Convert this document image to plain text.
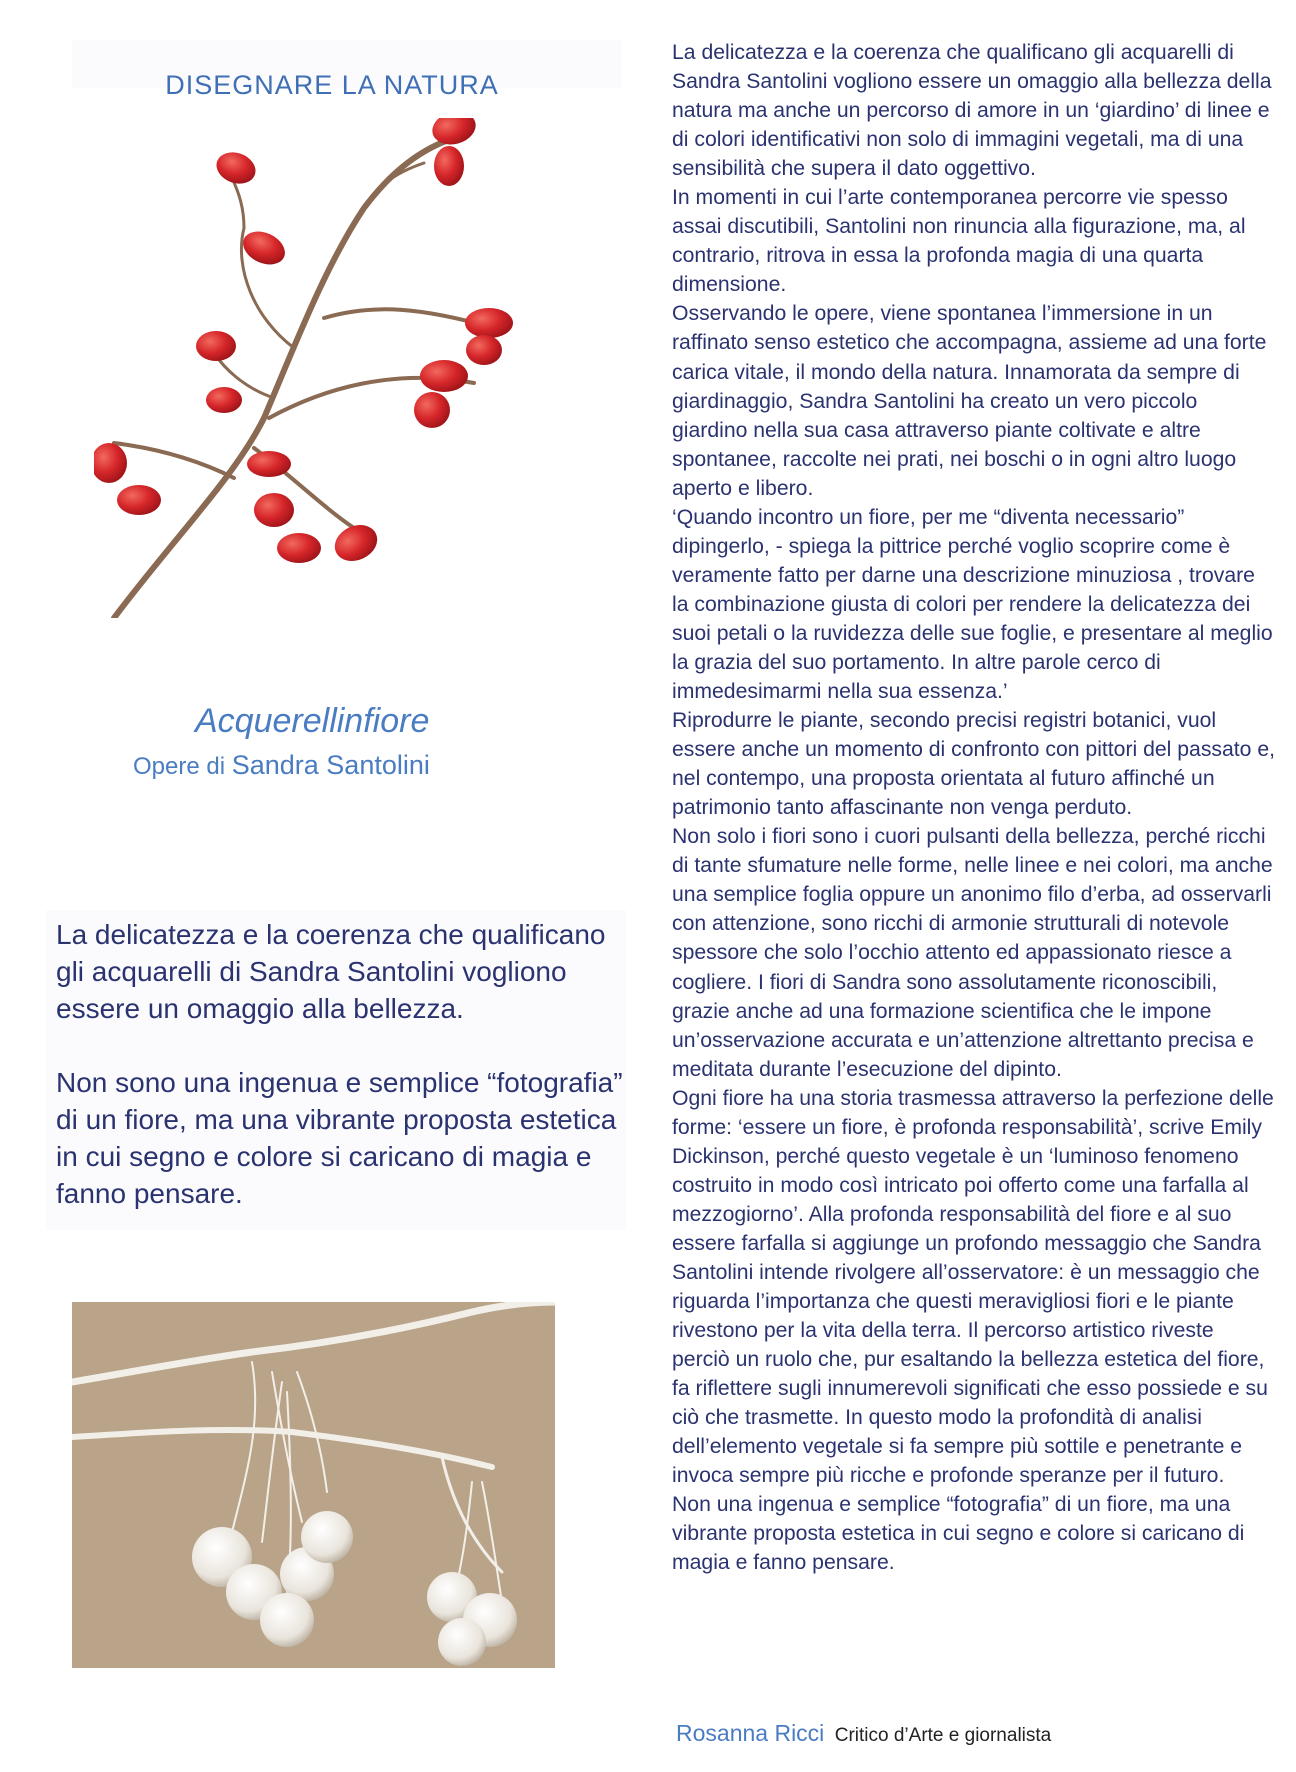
DISEGNARE LA NATURA
Acquerellinfiore
Opere di Sandra Santolini

La delicatezza e la coerenza che qualificano gli acquarelli di Sandra Santolini vogliono essere un omaggio alla bellezza.

Non sono una ingenua e semplice “fotografia” di un fiore, ma una vibrante proposta estetica in cui segno e colore si caricano di magia e fanno pensare.

La delicatezza e la coerenza che qualificano gli acquarelli di Sandra Santolini vogliono essere un omaggio alla bellezza della natura ma anche un percorso di amore in un ‘giardino’ di linee e di colori identificativi non solo di immagini vegetali, ma di una sensibilità che supera il dato oggettivo.

In momenti in cui l’arte contemporanea percorre vie spesso assai discutibili, Santolini non rinuncia alla figurazione, ma, al contrario, ritrova in essa la profonda magia di una quarta dimensione.

Osservando le opere, viene spontanea l’immersione in un raffinato senso estetico che accompagna, assieme ad una forte carica vitale, il mondo della natura. Innamorata da sempre di giardinaggio, Sandra Santolini ha creato un vero piccolo giardino nella sua casa attraverso piante coltivate e altre spontanee, raccolte nei prati, nei boschi o in ogni altro luogo aperto e libero.

‘Quando incontro un fiore, per me “diventa necessario” dipingerlo, - spiega la pittrice perché voglio scoprire come è veramente fatto per darne una descrizione minuziosa , trovare la combinazione giusta di colori per rendere la delicatezza dei suoi petali o la ruvidezza delle sue foglie, e presentare al meglio la grazia del suo portamento. In altre parole cerco di immedesimarmi nella sua essenza.’

Riprodurre le piante, secondo precisi registri botanici, vuol essere anche un momento di confronto con pittori del passato e, nel contempo, una proposta orientata al futuro affinché un patrimonio tanto affascinante non venga perduto.

Non solo i fiori sono i cuori pulsanti della bellezza, perché ricchi di tante sfumature nelle forme, nelle linee e nei colori, ma anche una semplice foglia oppure un anonimo filo d’erba, ad osservarli con attenzione, sono ricchi di armonie strutturali di notevole spessore che solo l’occhio attento ed appassionato riesce a cogliere. I fiori di Sandra sono assolutamente riconoscibili, grazie anche ad una formazione scientifica che le impone un’osservazione accurata e un’attenzione altrettanto precisa e meditata durante l’esecuzione del dipinto.

Ogni fiore ha una storia trasmessa attraverso la perfezione delle forme: ‘essere un fiore, è profonda responsabilità’, scrive Emily Dickinson, perché questo vegetale è un ‘luminoso fenomeno costruito in modo così intricato poi offerto come una farfalla al mezzogiorno’. Alla profonda responsabilità del fiore e al suo essere farfalla si aggiunge un profondo messaggio che Sandra Santolini intende rivolgere all’osservatore: è un messaggio che riguarda l’importanza che questi meravigliosi fiori e le piante rivestono per la vita della terra. Il percorso artistico riveste perciò un ruolo che, pur esaltando la bellezza estetica del fiore, fa riflettere sugli innumerevoli significati che esso possiede e su ciò che trasmette. In questo modo la profondità di analisi dell’elemento vegetale si fa sempre più sottile e penetrante e invoca sempre più ricche e profonde speranze per il futuro.

Non una ingenua e semplice “fotografia” di un fiore, ma una vibrante proposta estetica in cui segno e colore si caricano di magia e fanno pensare.

Rosanna Ricci Critico d’Arte e giornalista
